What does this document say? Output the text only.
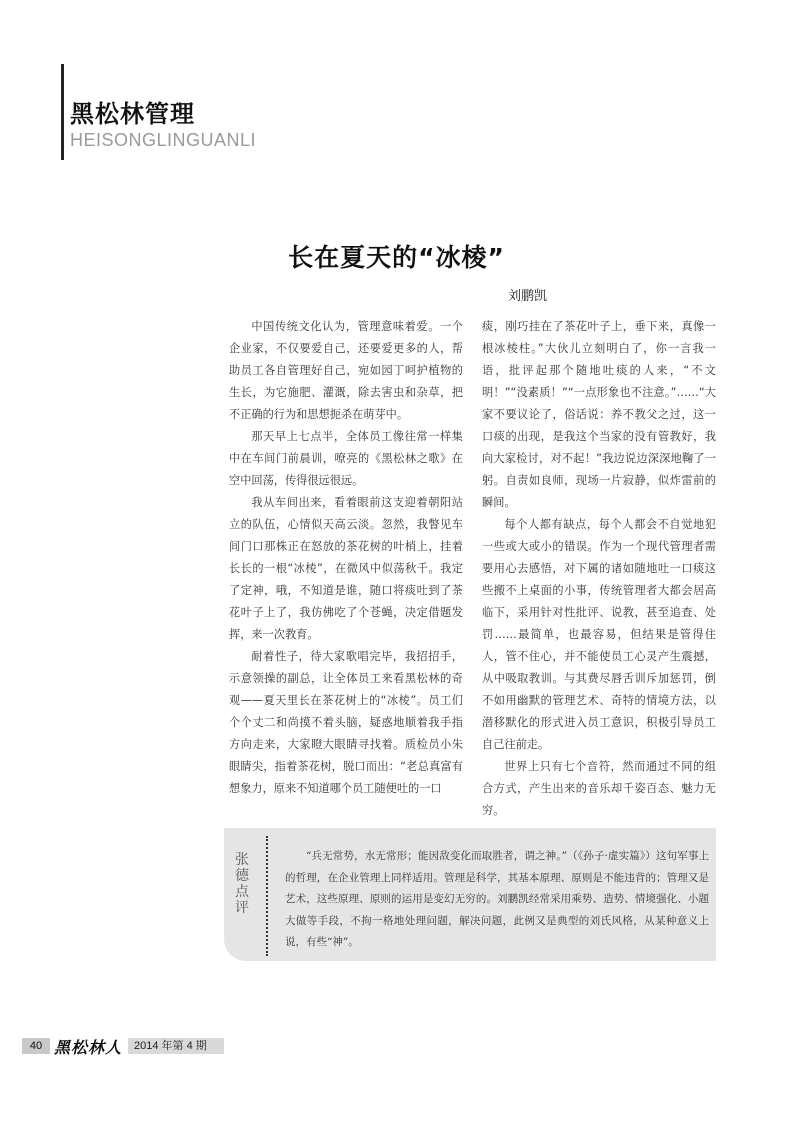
黑松林管理
HEISONGLINGUANLI
长在夏天的“冰棱”
刘鹏凯

中国传统文化认为，管理意味着爱。一个企业家，不仅要爱自己，还要爱更多的人，帮助员工各自管理好自己，宛如园丁呵护植物的生长，为它施肥、灌溉，除去害虫和杂草，把不正确的行为和思想扼杀在萌芽中。

那天早上七点半，全体员工像往常一样集中在车间门前晨训，嘹亮的《黑松林之歌》在空中回荡，传得很远很远。

我从车间出来，看着眼前这支迎着朝阳站立的队伍，心情似天高云淡。忽然，我瞥见车间门口那株正在怒放的茶花树的叶梢上，挂着长长的一根“冰棱”，在微风中似荡秋千。我定了定神，哦，不知道是谁，随口将痰吐到了茶花叶子上了，我仿佛吃了个苍蝇，决定借题发挥，来一次教育。

耐着性子，待大家歌唱完毕，我招招手，示意领操的副总，让全体员工来看黑松林的奇观——夏天里长在茶花树上的“冰棱”。员工们个个丈二和尚摸不着头脑，疑惑地顺着我手指方向走来，大家瞪大眼睛寻找着。质检员小朱眼睛尖，指着茶花树，脱口而出：“老总真富有想象力，原来不知道哪个员工随便吐的一口

痰，刚巧挂在了茶花叶子上，垂下来，真像一根冰棱柱。”大伙儿立刻明白了，你一言我一语，批评起那个随地吐痰的人来，“不文明！”“没素质！”“一点形象也不注意。”……“大家不要议论了，俗话说：养不教父之过，这一口痰的出现，是我这个当家的没有管教好，我向大家检讨，对不起！”我边说边深深地鞠了一躬。自责如良师，现场一片寂静，似炸雷前的瞬间。

每个人都有缺点，每个人都会不自觉地犯一些或大或小的错误。作为一个现代管理者需要用心去感悟，对下属的诸如随地吐一口痰这些搬不上桌面的小事，传统管理者大都会居高临下，采用针对性批评、说教，甚至追查、处罚……最简单，也最容易，但结果是管得住人，管不住心，并不能使员工心灵产生震撼，从中吸取教训。与其费尽唇舌训斥加惩罚，倒不如用幽默的管理艺术、奇特的情境方法，以潜移默化的形式进入员工意识，积极引导员工自己往前走。

世界上只有七个音符，然而通过不同的组合方式，产生出来的音乐却千姿百态、魅力无穷。

张
德
点
评

“兵无常势，水无常形；能因敌变化而取胜者，谓之神。”（《孙子·虚实篇》）这句军事上的哲理，在企业管理上同样适用。管理是科学，其基本原理、原则是不能违背的；管理又是艺术，这些原理、原则的运用是变幻无穷的。刘鹏凯经常采用乘势、造势、情境强化、小题大做等手段，不拘一格地处理问题，解决问题，此例又是典型的刘氏风格，从某种意义上说，有些“神”。

40 黑松林人	2014 年第 4 期
